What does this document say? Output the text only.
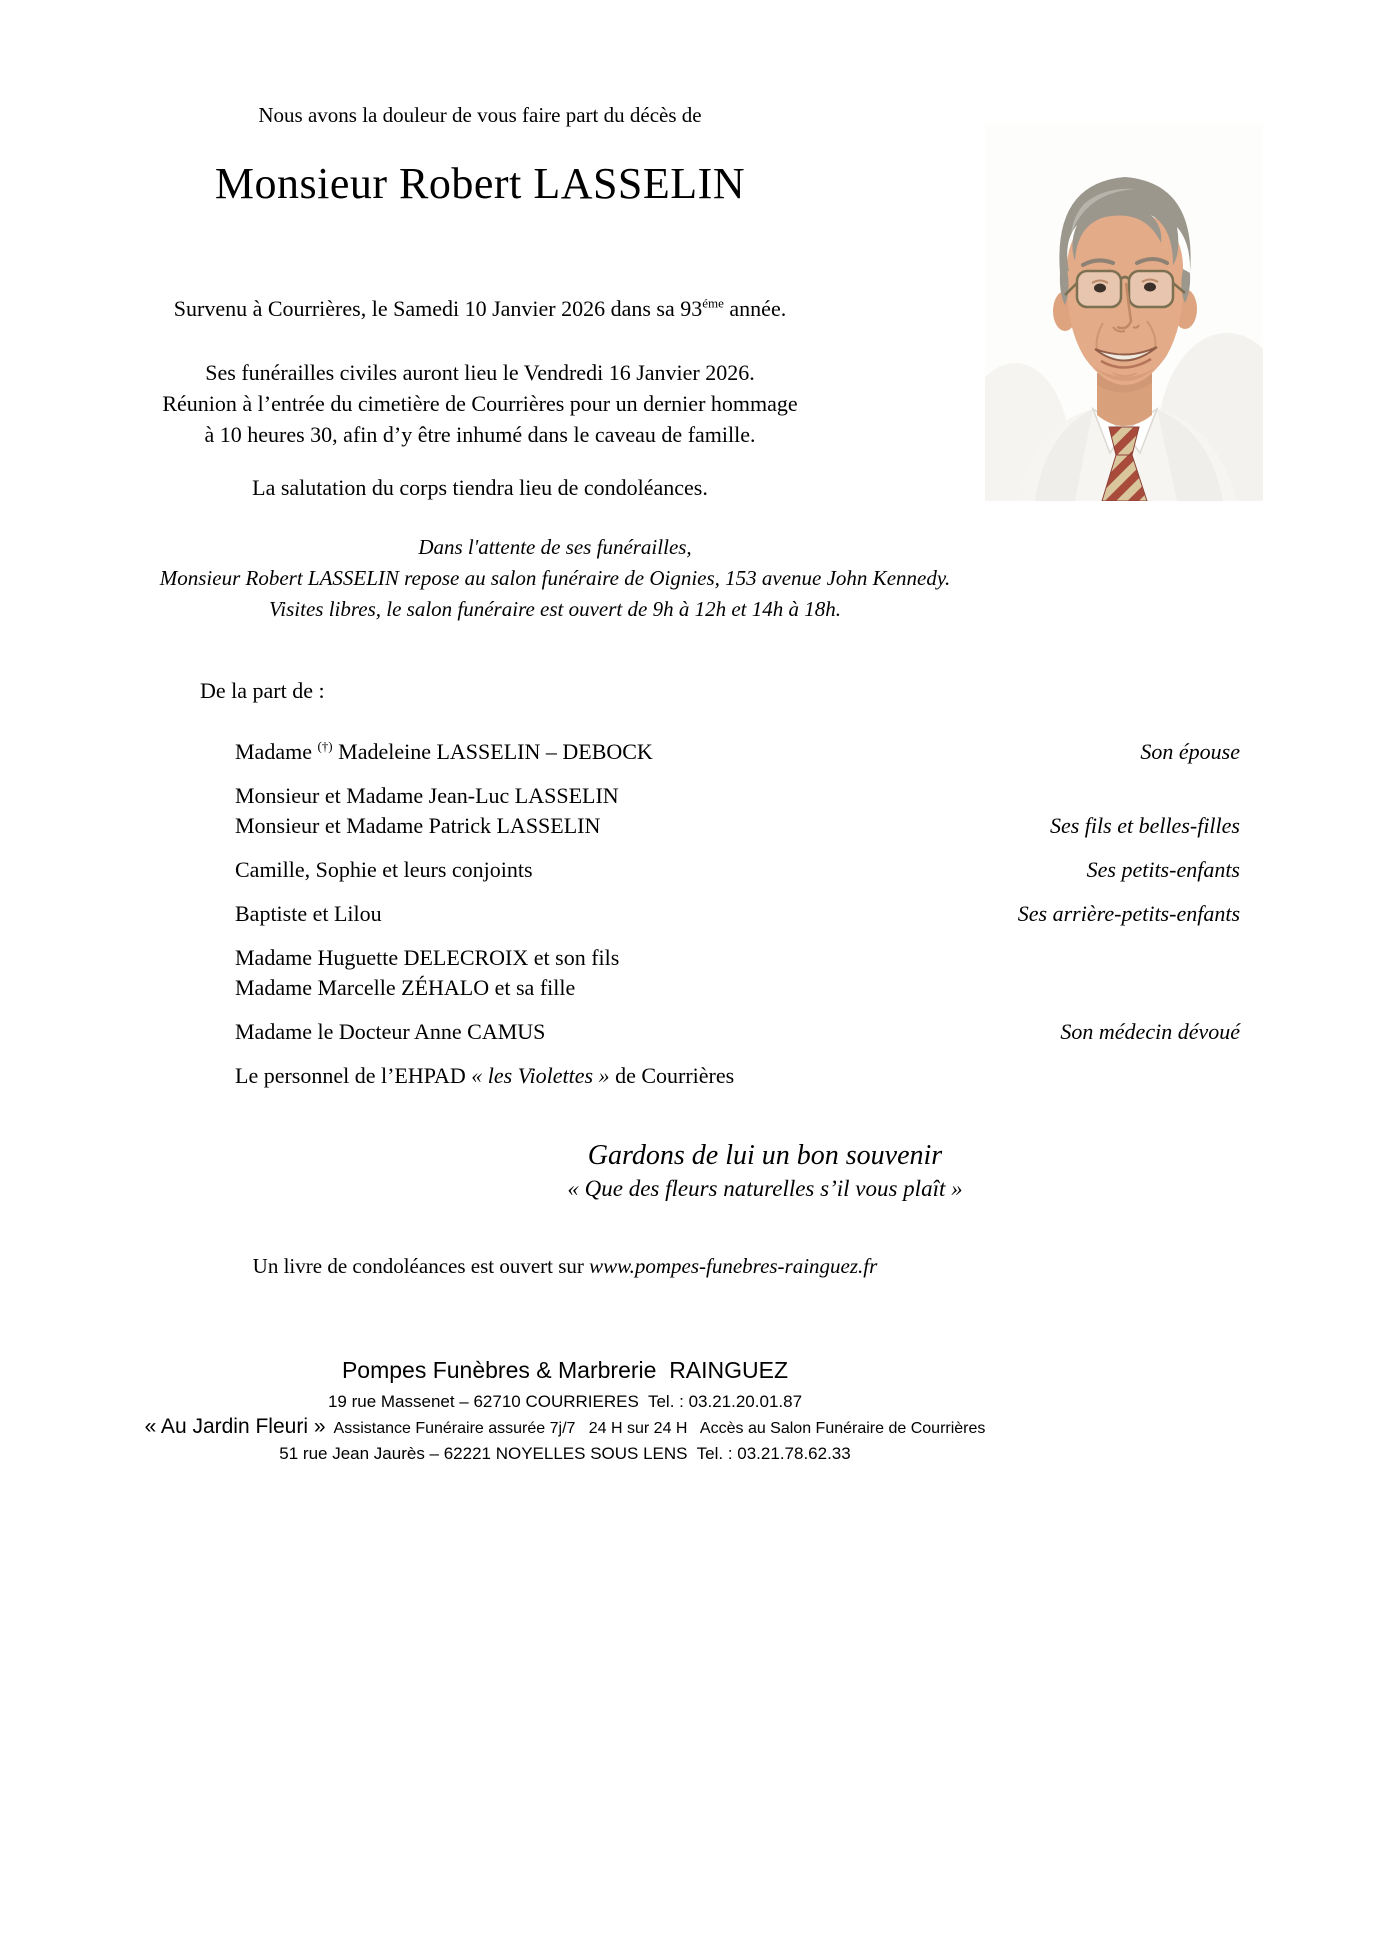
Nous avons la douleur de vous faire part du décès de
Monsieur Robert LASSELIN
Survenu à Courrières, le Samedi 10 Janvier 2026 dans sa $93^{éme}$ année.
Ses funérailles civiles auront lieu le Vendredi 16 Janvier 2026.
Réunion à l’entrée du cimetière de Courrières pour un dernier hommage
à 10 heures 30, afin d’y être inhumé dans le caveau de famille.
La salutation du corps tiendra lieu de condoléances.
Dans l'attente de ses funérailles,
Monsieur Robert LASSELIN repose au salon funéraire de Oignies, 153 avenue John Kennedy.
Visites libres, le salon funéraire est ouvert de 9h à 12h et 14h à 18h.
De la part de :
Madame (†) Madeleine LASSELIN – DEBOCK	Son épouse
Monsieur et Madame Jean-Luc LASSELIN
Monsieur et Madame Patrick LASSELIN	Ses fils et belles-filles
Camille, Sophie et leurs conjoints	Ses petits-enfants
Baptiste et Lilou	Ses arrière-petits-enfants
Madame Huguette DELECROIX et son fils
Madame Marcelle ZÉHALO et sa fille
Madame le Docteur Anne CAMUS	Son médecin dévoué
Le personnel de l’EHPAD « les Violettes » de Courrières
Gardons de lui un bon souvenir
« Que des fleurs naturelles s’il vous plaît »
Un livre de condoléances est ouvert sur www.pompes-funebres-rainguez.fr
Pompes Funèbres & Marbrerie  RAINGUEZ
19 rue Massenet – 62710 COURRIERES  Tel. : 03.21.20.01.87
« Au Jardin Fleuri »  Assistance Funéraire assurée 7j/7   24 H sur 24 H   Accès au Salon Funéraire de Courrières
51 rue Jean Jaurès – 62221 NOYELLES SOUS LENS  Tel. : 03.21.78.62.33
